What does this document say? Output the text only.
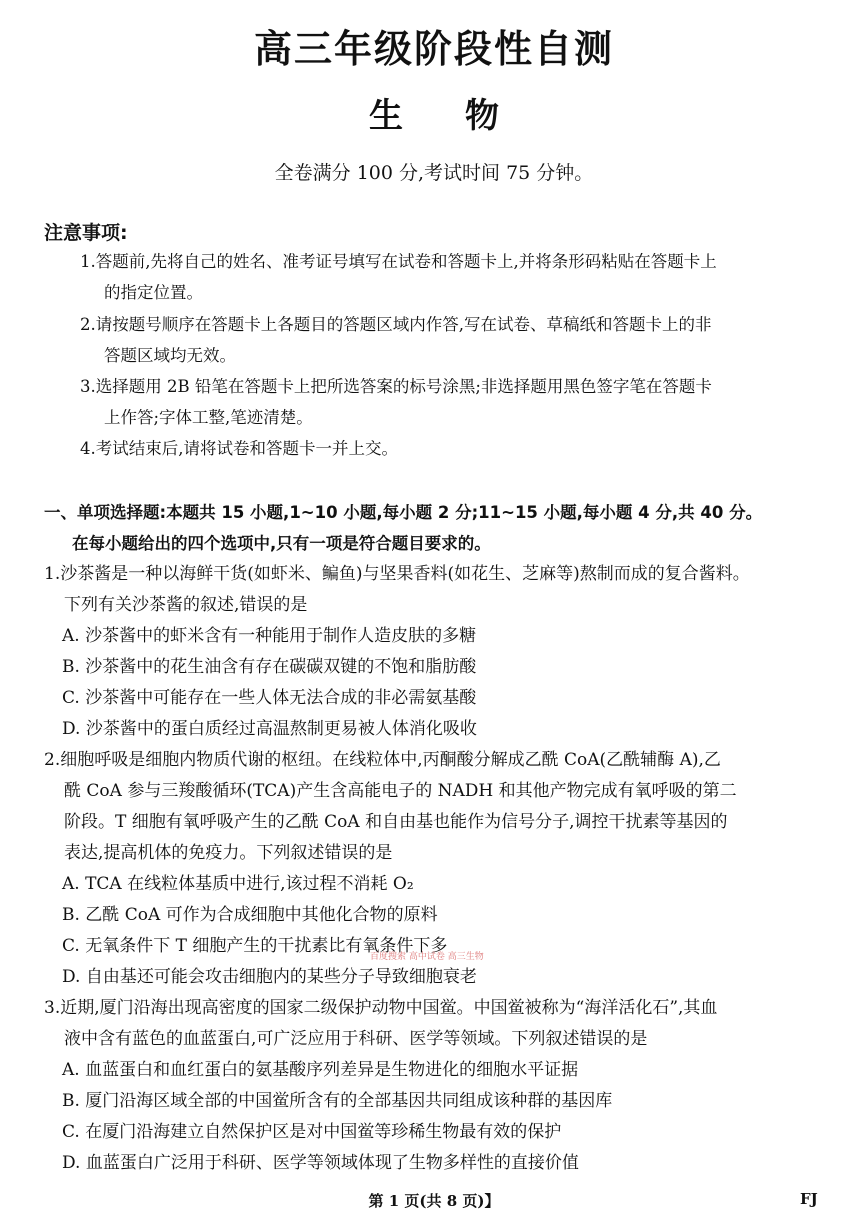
高三年级阶段性自测
生 物
全卷满分 100 分,考试时间 75 分钟。
注意事项:
1.答题前,先将自己的姓名、准考证号填写在试卷和答题卡上,并将条形码粘贴在答题卡上
的指定位置。
2.请按题号顺序在答题卡上各题目的答题区域内作答,写在试卷、草稿纸和答题卡上的非
答题区域均无效。
3.选择题用 2B 铅笔在答题卡上把所选答案的标号涂黑;非选择题用黑色签字笔在答题卡
上作答;字体工整,笔迹清楚。
4.考试结束后,请将试卷和答题卡一并上交。
一、单项选择题:本题共 15 小题,1~10 小题,每小题 2 分;11~15 小题,每小题 4 分,共 40 分。
在每小题给出的四个选项中,只有一项是符合题目要求的。
1.沙茶酱是一种以海鲜干货(如虾米、鳊鱼)与坚果香料(如花生、芝麻等)熬制而成的复合酱料。
下列有关沙茶酱的叙述,错误的是
A. 沙茶酱中的虾米含有一种能用于制作人造皮肤的多糖
B. 沙茶酱中的花生油含有存在碳碳双键的不饱和脂肪酸
C. 沙茶酱中可能存在一些人体无法合成的非必需氨基酸
D. 沙茶酱中的蛋白质经过高温熬制更易被人体消化吸收
2.细胞呼吸是细胞内物质代谢的枢纽。在线粒体中,丙酮酸分解成乙酰 CoA(乙酰辅酶 A),乙
酰 CoA 参与三羧酸循环(TCA)产生含高能电子的 NADH 和其他产物完成有氧呼吸的第二
阶段。T 细胞有氧呼吸产生的乙酰 CoA 和自由基也能作为信号分子,调控干扰素等基因的
表达,提高机体的免疫力。下列叙述错误的是
A. TCA 在线粒体基质中进行,该过程不消耗 O₂
B. 乙酰 CoA 可作为合成细胞中其他化合物的原料
C. 无氧条件下 T 细胞产生的干扰素比有氧条件下多
百度搜索 高中试卷 高三生物
D. 自由基还可能会攻击细胞内的某些分子导致细胞衰老
3.近期,厦门沿海出现高密度的国家二级保护动物中国鲎。中国鲎被称为“海洋活化石”,其血
液中含有蓝色的血蓝蛋白,可广泛应用于科研、医学等领域。下列叙述错误的是
A. 血蓝蛋白和血红蛋白的氨基酸序列差异是生物进化的细胞水平证据
B. 厦门沿海区域全部的中国鲎所含有的全部基因共同组成该种群的基因库
C. 在厦门沿海建立自然保护区是对中国鲎等珍稀生物最有效的保护
D. 血蓝蛋白广泛用于科研、医学等领域体现了生物多样性的直接价值
第 1 页(共 8 页)】	FJ
